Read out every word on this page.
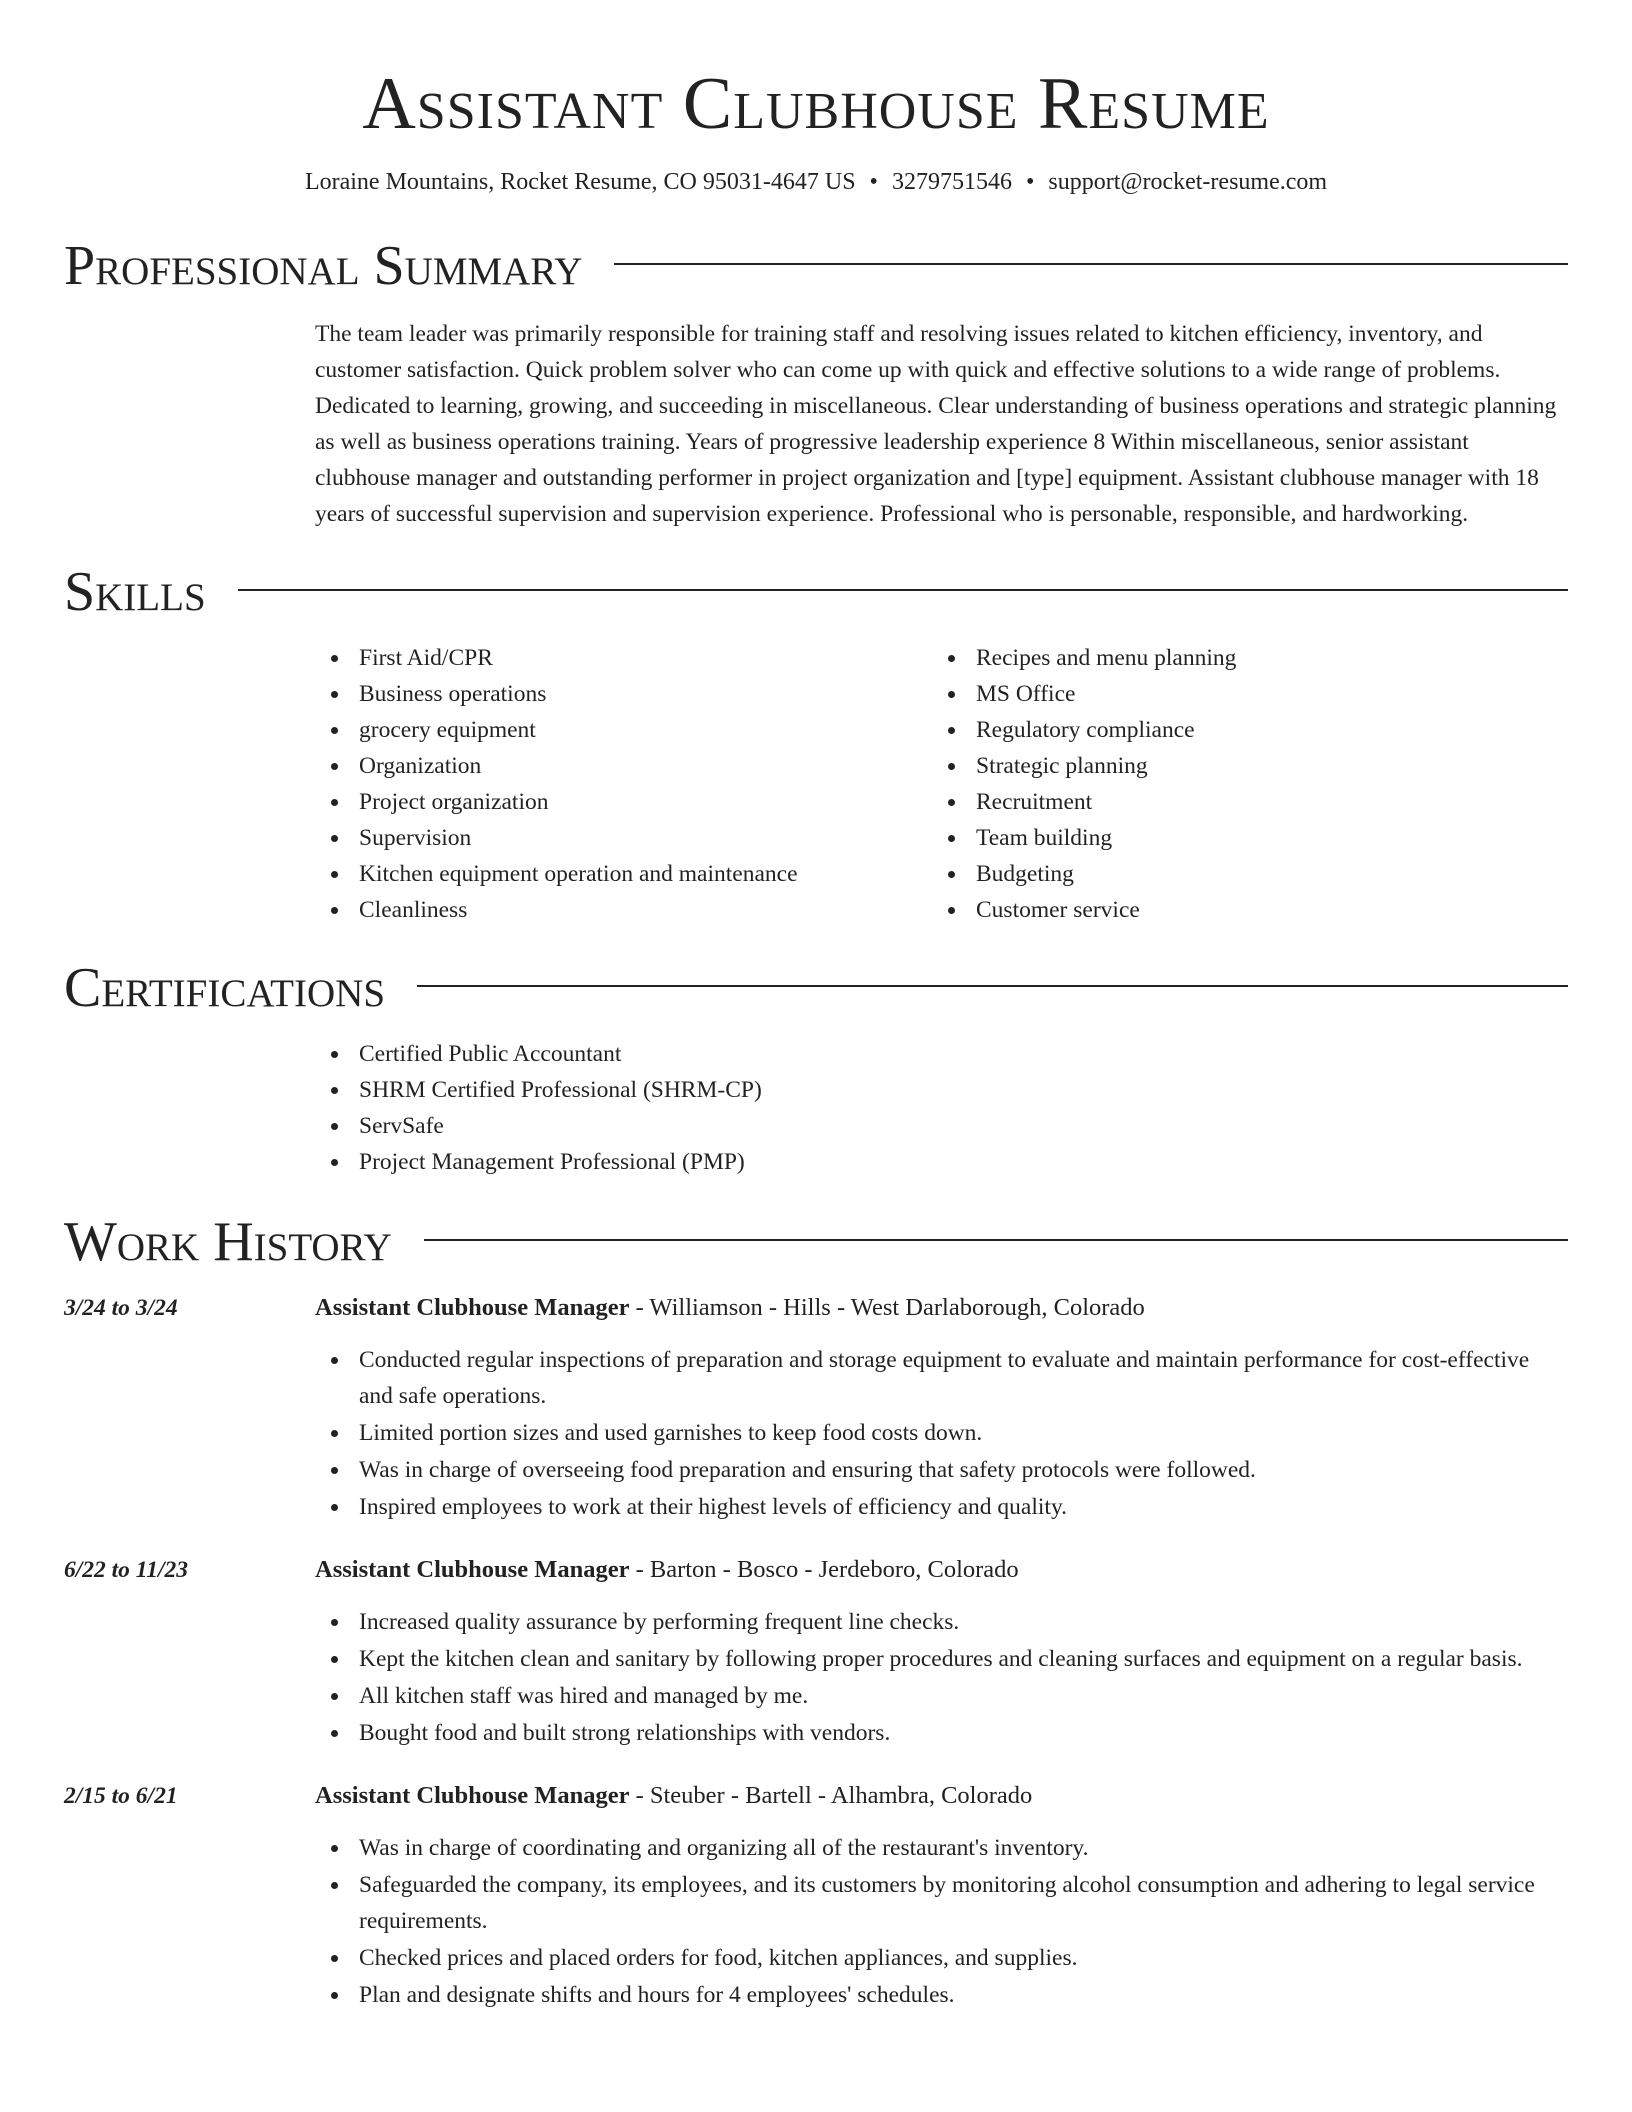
Assistant Clubhouse Resume
Loraine Mountains, Rocket Resume, CO 95031-4647 US • 3279751546 • support@rocket-resume.com
Professional Summary

The team leader was primarily responsible for training staff and resolving issues related to kitchen efficiency, inventory, and customer satisfaction. Quick problem solver who can come up with quick and effective solutions to a wide range of problems. Dedicated to learning, growing, and succeeding in miscellaneous. Clear understanding of business operations and strategic planning as well as business operations training. Years of progressive leadership experience 8 Within miscellaneous, senior assistant clubhouse manager and outstanding performer in project organization and [type] equipment. Assistant clubhouse manager with 18 years of successful supervision and supervision experience. Professional who is personable, responsible, and hardworking.

Skills
First Aid/CPR
Business operations
grocery equipment
Organization
Project organization
Supervision
Kitchen equipment operation and maintenance
Cleanliness
Recipes and menu planning
MS Office
Regulatory compliance
Strategic planning
Recruitment
Team building
Budgeting
Customer service
Certifications
Certified Public Accountant
SHRM Certified Professional (SHRM-CP)
ServSafe
Project Management Professional (PMP)
Work History
3/24 to 3/24	Assistant Clubhouse Manager - Williamson - Hills - West Darlaborough, Colorado
Conducted regular inspections of preparation and storage equipment to evaluate and maintain performance for cost-effective and safe operations.
Limited portion sizes and used garnishes to keep food costs down.
Was in charge of overseeing food preparation and ensuring that safety protocols were followed.
Inspired employees to work at their highest levels of efficiency and quality.
6/22 to 11/23	Assistant Clubhouse Manager - Barton - Bosco - Jerdeboro, Colorado
Increased quality assurance by performing frequent line checks.
Kept the kitchen clean and sanitary by following proper procedures and cleaning surfaces and equipment on a regular basis.
All kitchen staff was hired and managed by me.
Bought food and built strong relationships with vendors.
2/15 to 6/21	Assistant Clubhouse Manager - Steuber - Bartell - Alhambra, Colorado
Was in charge of coordinating and organizing all of the restaurant's inventory.
Safeguarded the company, its employees, and its customers by monitoring alcohol consumption and adhering to legal service requirements.
Checked prices and placed orders for food, kitchen appliances, and supplies.
Plan and designate shifts and hours for 4 employees' schedules.
